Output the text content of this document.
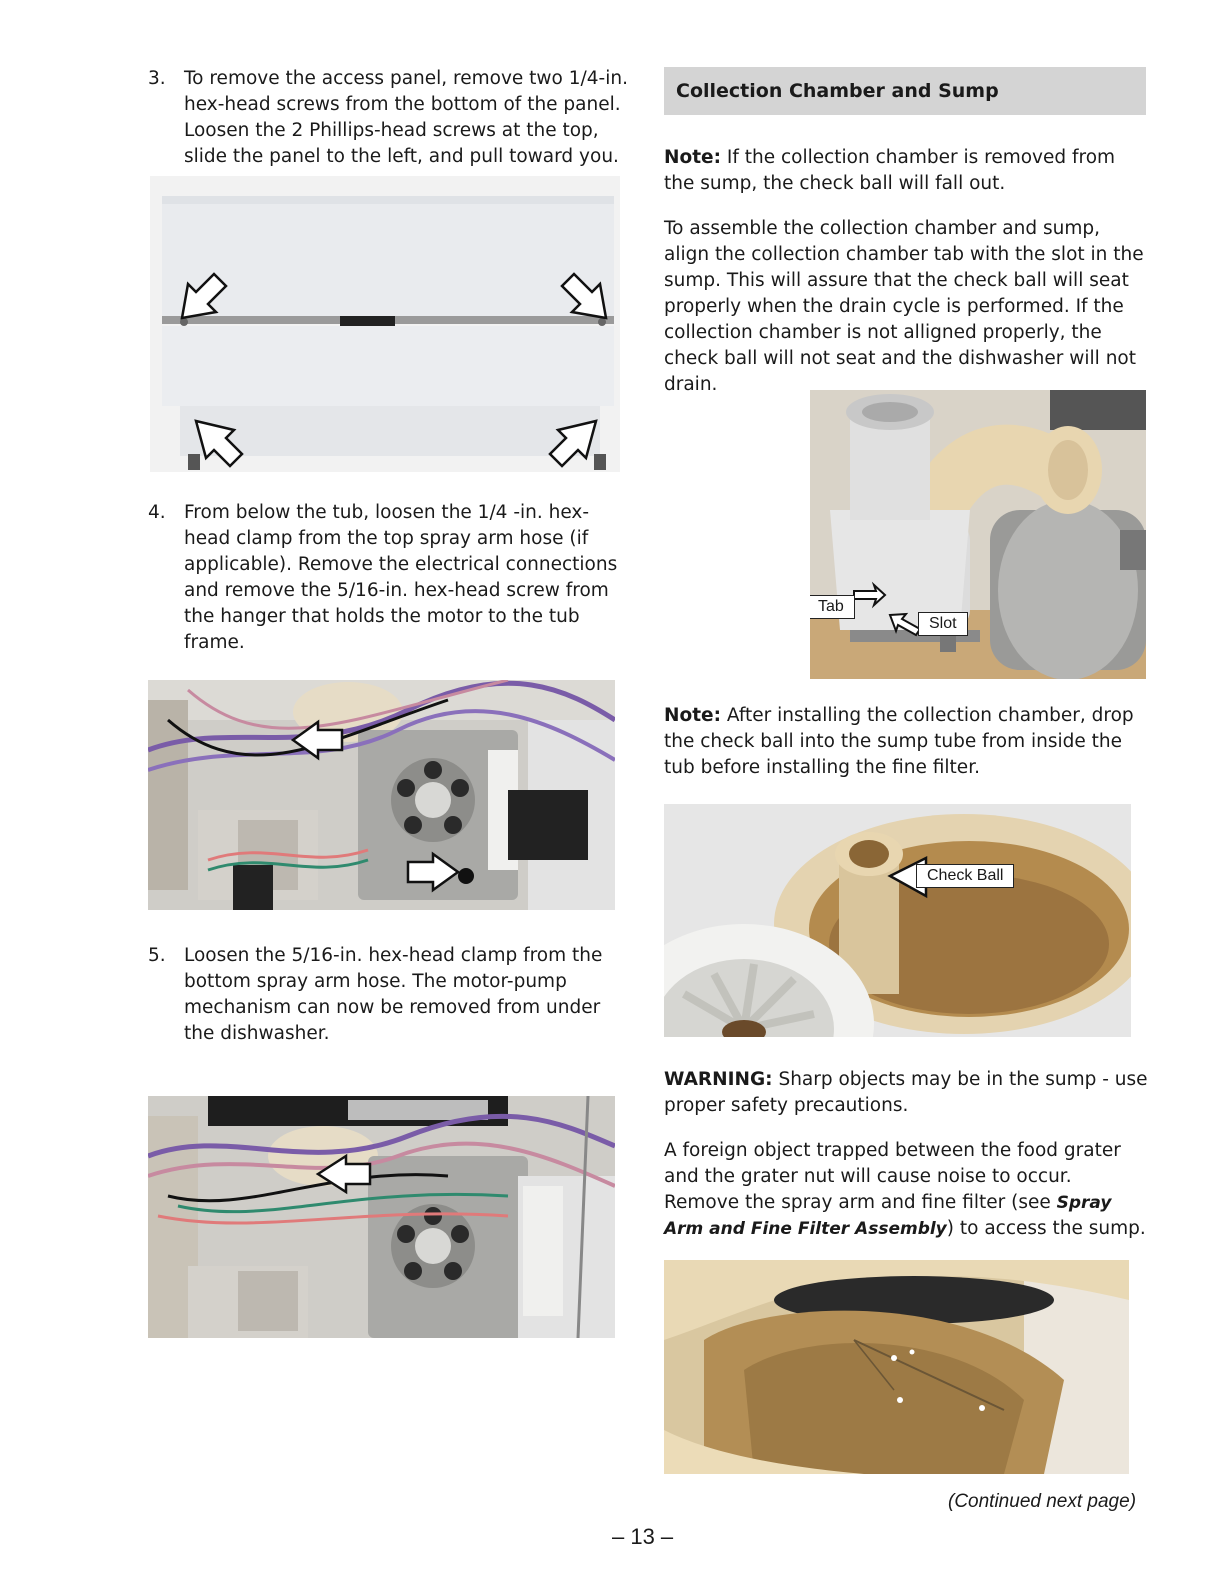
3. To remove the access panel, remove two 1/4-in. hex-head screws from the bottom of the panel. Loosen the 2 Phillips-head screws at the top, slide the panel to the left, and pull toward you.
4. From below the tub, loosen the 1/4 -in. hex-head clamp from the top spray arm hose (if applicable). Remove the electrical connections and remove the 5/16-in. hex-head screw from the hanger that holds the motor to the tub frame.
5. Loosen the 5/16-in. hex-head clamp from the bottom spray arm hose. The motor-pump mechanism can now be removed from under the dishwasher.
Collection Chamber and Sump

Note: If the collection chamber is removed from the sump, the check ball will fall out.

To assemble the collection chamber and sump, align the collection chamber tab with the slot in the sump. This will assure that the check ball will seat properly when the drain cycle is performed. If the collection chamber is not alligned properly, the check ball will not seat and the dishwasher will not drain.

Tab
Slot

Note: After installing the collection chamber, drop the check ball into the sump tube from inside the tub before installing the fine filter.

Check Ball

WARNING: Sharp objects may be in the sump - use proper safety precautions.

A foreign object trapped between the food grater and the grater nut will cause noise to occur. Remove the spray arm and fine filter (see Spray Arm and Fine Filter Assembly) to access the sump.

(Continued next page)
– 13 –
